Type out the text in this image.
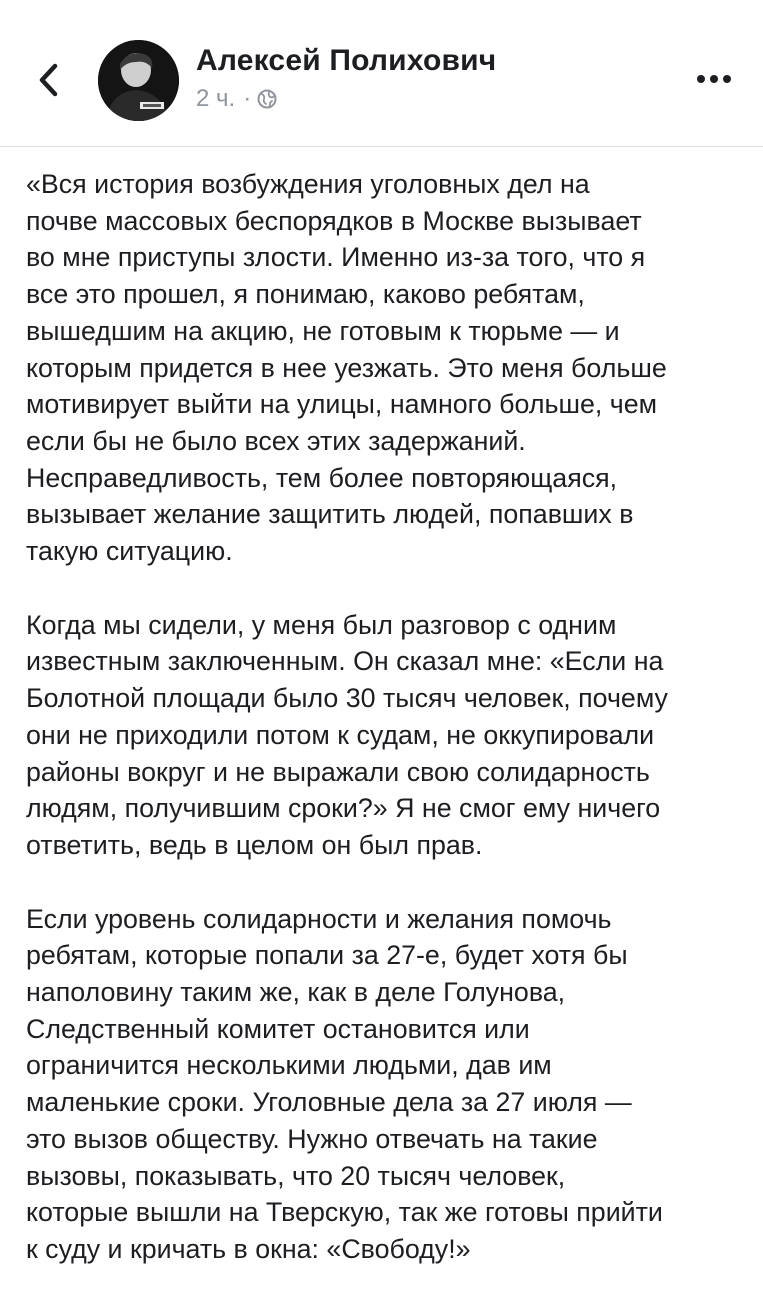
Алексей Полихович
2 ч. ·

«Вся история возбуждения уголовных дел на
почве массовых беспорядков в Москве вызывает
во мне приступы злости. Именно из-за того, что я
все это прошел, я понимаю, каково ребятам,
вышедшим на акцию, не готовым к тюрьме — и
которым придется в нее уезжать. Это меня больше
мотивирует выйти на улицы, намного больше, чем
если бы не было всех этих задержаний.
Несправедливость, тем более повторяющаяся,
вызывает желание защитить людей, попавших в
такую ситуацию.

Когда мы сидели, у меня был разговор с одним
известным заключенным. Он сказал мне: «Если на
Болотной площади было 30 тысяч человек, почему
они не приходили потом к судам, не оккупировали
районы вокруг и не выражали свою солидарность
людям, получившим сроки?» Я не смог ему ничего
ответить, ведь в целом он был прав.

Если уровень солидарности и желания помочь
ребятам, которые попали за 27-е, будет хотя бы
наполовину таким же, как в деле Голунова,
Следственный комитет остановится или
ограничится несколькими людьми, дав им
маленькие сроки. Уголовные дела за 27 июля —
это вызов обществу. Нужно отвечать на такие
вызовы, показывать, что 20 тысяч человек,
которые вышли на Тверскую, так же готовы прийти
к суду и кричать в окна: «Свободу!»
